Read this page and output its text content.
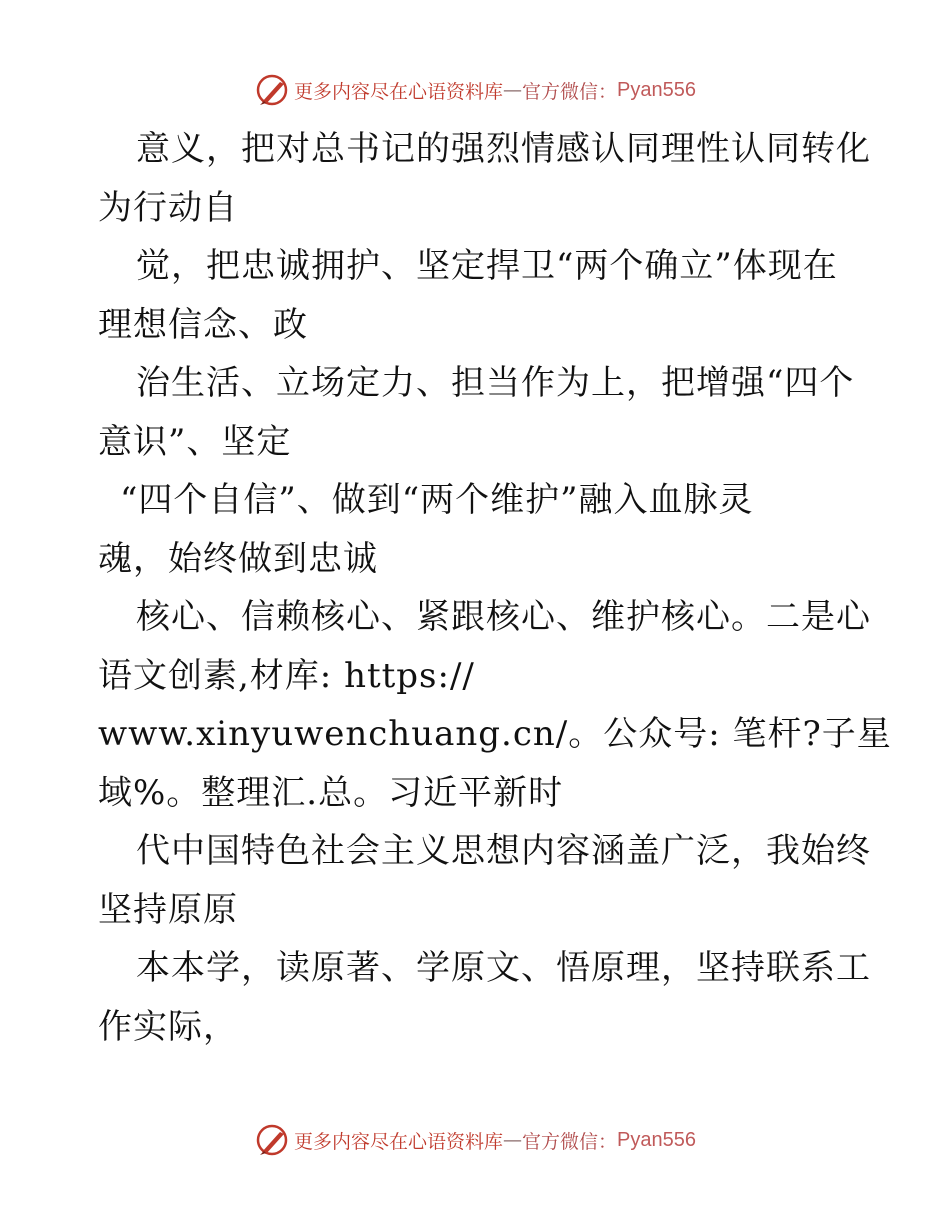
更多内容尽在心语资料库 — 官方微信： Pyan556
意义，把对总书记的强烈情感认同理性认同转化
为行动自
觉，把忠诚拥护、坚定捍卫“两个确立”体现在
理想信念、政
治生活、立场定力、担当作为上，把增强“四个
意识”、坚定
“四个自信”、做到“两个维护”融入血脉灵
魂，始终做到忠诚
核心、信赖核心、紧跟核心、维护核心。二是心
语文创素,材库: https://
www.xinyuwenchuang.cn/。公众号: 笔杆?子星
域%。整理汇.总。习近平新时
代中国特色社会主义思想内容涵盖广泛，我始终
坚持原原
本本学，读原著、学原文、悟原理，坚持联系工
作实际，
更多内容尽在心语资料库 — 官方微信： Pyan556
